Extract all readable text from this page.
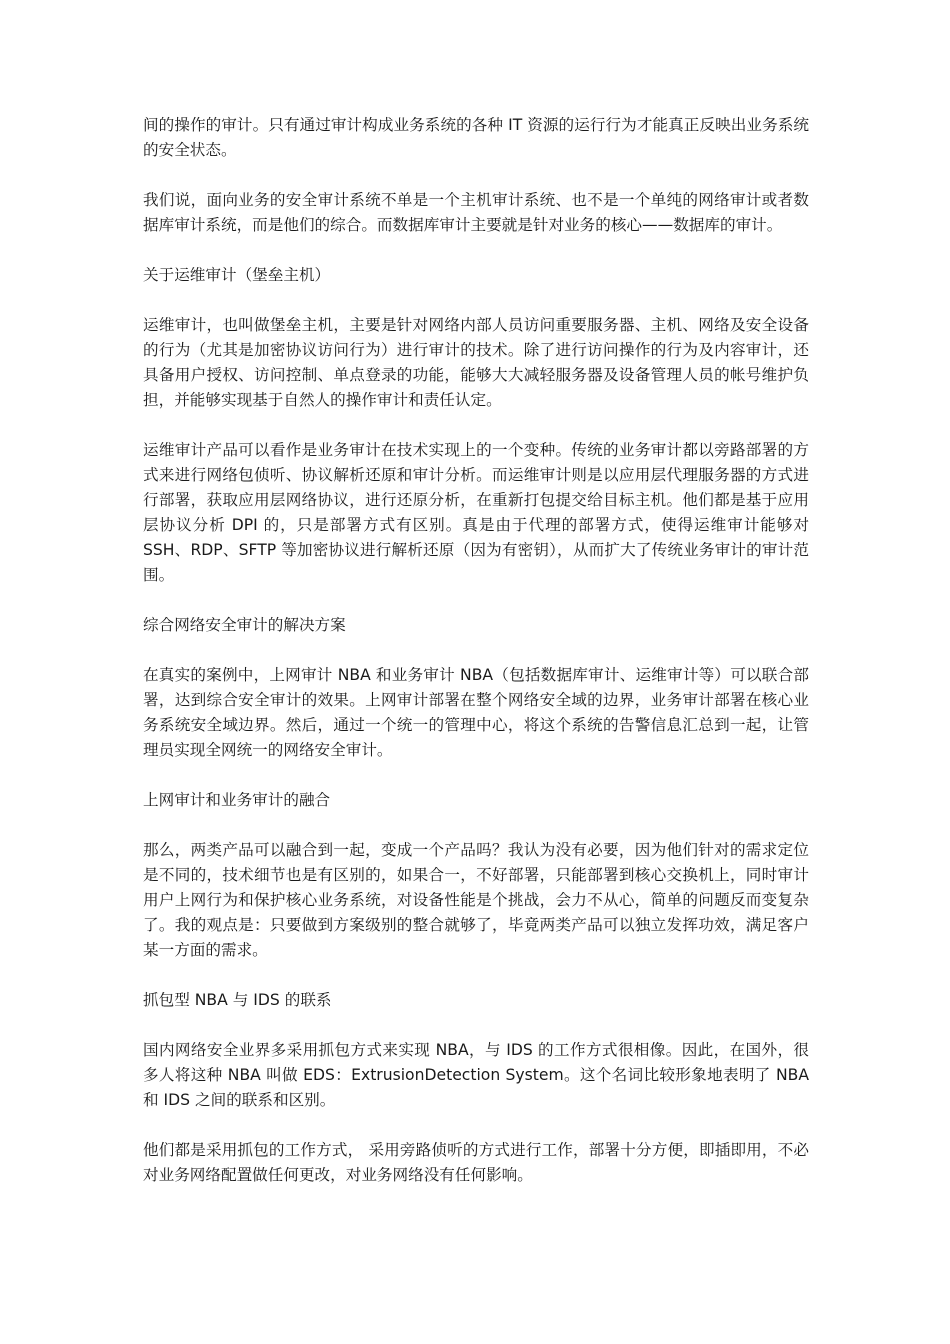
间的操作的审计。只有通过审计构成业务系统的各种 IT 资源的运行行为才能真正反映出业务系统的安全状态。

我们说，面向业务的安全审计系统不单是一个主机审计系统、也不是一个单纯的网络审计或者数据库审计系统，而是他们的综合。而数据库审计主要就是针对业务的核心——数据库的审计。

关于运维审计（堡垒主机）

运维审计，也叫做堡垒主机，主要是针对网络内部人员访问重要服务器、主机、网络及安全设备的行为（尤其是加密协议访问行为）进行审计的技术。除了进行访问操作的行为及内容审计，还具备用户授权、访问控制、单点登录的功能，能够大大减轻服务器及设备管理人员的帐号维护负担，并能够实现基于自然人的操作审计和责任认定。

运维审计产品可以看作是业务审计在技术实现上的一个变种。传统的业务审计都以旁路部署的方式来进行网络包侦听、协议解析还原和审计分析。而运维审计则是以应用层代理服务器的方式进行部署，获取应用层网络协议，进行还原分析，在重新打包提交给目标主机。他们都是基于应用层协议分析 DPI 的，只是部署方式有区别。真是由于代理的部署方式，使得运维审计能够对 SSH、RDP、SFTP 等加密协议进行解析还原（因为有密钥），从而扩大了传统业务审计的审计范围。

综合网络安全审计的解决方案

在真实的案例中，上网审计 NBA 和业务审计 NBA（包括数据库审计、运维审计等）可以联合部署，达到综合安全审计的效果。上网审计部署在整个网络安全域的边界，业务审计部署在核心业务系统安全域边界。然后，通过一个统一的管理中心，将这个系统的告警信息汇总到一起，让管理员实现全网统一的网络安全审计。

上网审计和业务审计的融合

那么，两类产品可以融合到一起，变成一个产品吗？我认为没有必要，因为他们针对的需求定位是不同的，技术细节也是有区别的，如果合一，不好部署，只能部署到核心交换机上，同时审计用户上网行为和保护核心业务系统，对设备性能是个挑战，会力不从心，简单的问题反而变复杂了。我的观点是：只要做到方案级别的整合就够了，毕竟两类产品可以独立发挥功效，满足客户某一方面的需求。

抓包型 NBA 与 IDS 的联系

国内网络安全业界多采用抓包方式来实现 NBA，与 IDS 的工作方式很相像。因此，在国外，很多人将这种 NBA 叫做 EDS：ExtrusionDetection System。这个名词比较形象地表明了 NBA 和 IDS 之间的联系和区别。

他们都是采用抓包的工作方式， 采用旁路侦听的方式进行工作，部署十分方便，即插即用，不必对业务网络配置做任何更改，对业务网络没有任何影响。
